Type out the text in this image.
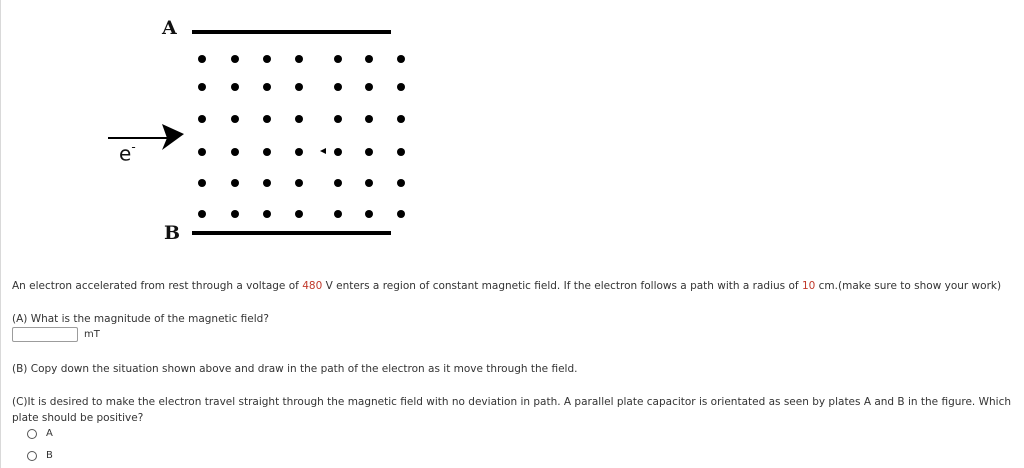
A
B
e-
An electron accelerated from rest through a voltage of 480 V enters a region of constant magnetic field. If the electron follows a path with a radius of 10 cm.(make sure to show your work)
(A) What is the magnitude of the magnetic field?
mT
(B) Copy down the situation shown above and draw in the path of the electron as it move through the field.
(C)It is desired to make the electron travel straight through the magnetic field with no deviation in path. A parallel plate capacitor is orientated as seen by plates A and B in the figure. Which plate should be positive?
A
B
